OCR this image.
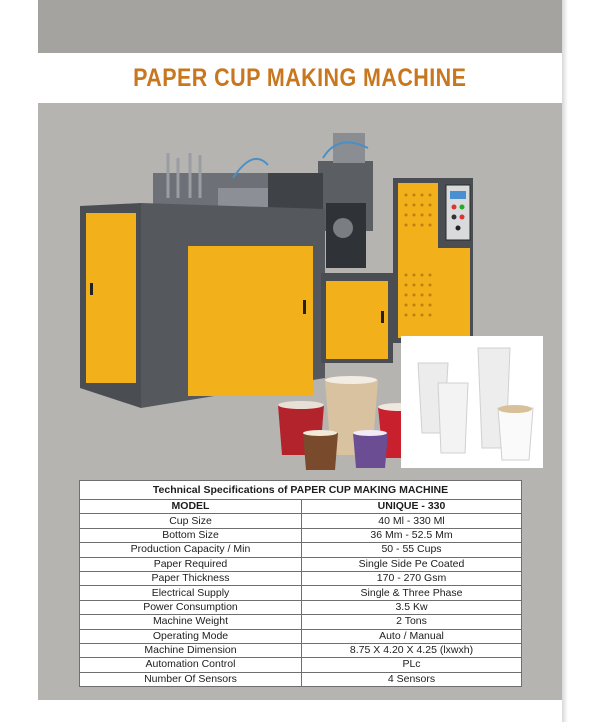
PAPER CUP MAKING MACHINE
Technical Specifications of PAPER CUP MAKING MACHINE	
MODEL	UNIQUE - 330
Cup Size	40 Ml - 330 Ml
Bottom Size	36 Mm - 52.5 Mm
Production Capacity / Min	50 - 55 Cups
Paper Required	Single Side Pe Coated
Paper Thickness	170 - 270 Gsm
Electrical Supply	Single & Three Phase
Power Consumption	3.5 Kw
Machine Weight	2 Tons
Operating Mode	Auto / Manual
Machine Dimension	8.75 X 4.20 X 4.25 (lxwxh)
Automation Control	PLc
Number Of Sensors	4 Sensors
